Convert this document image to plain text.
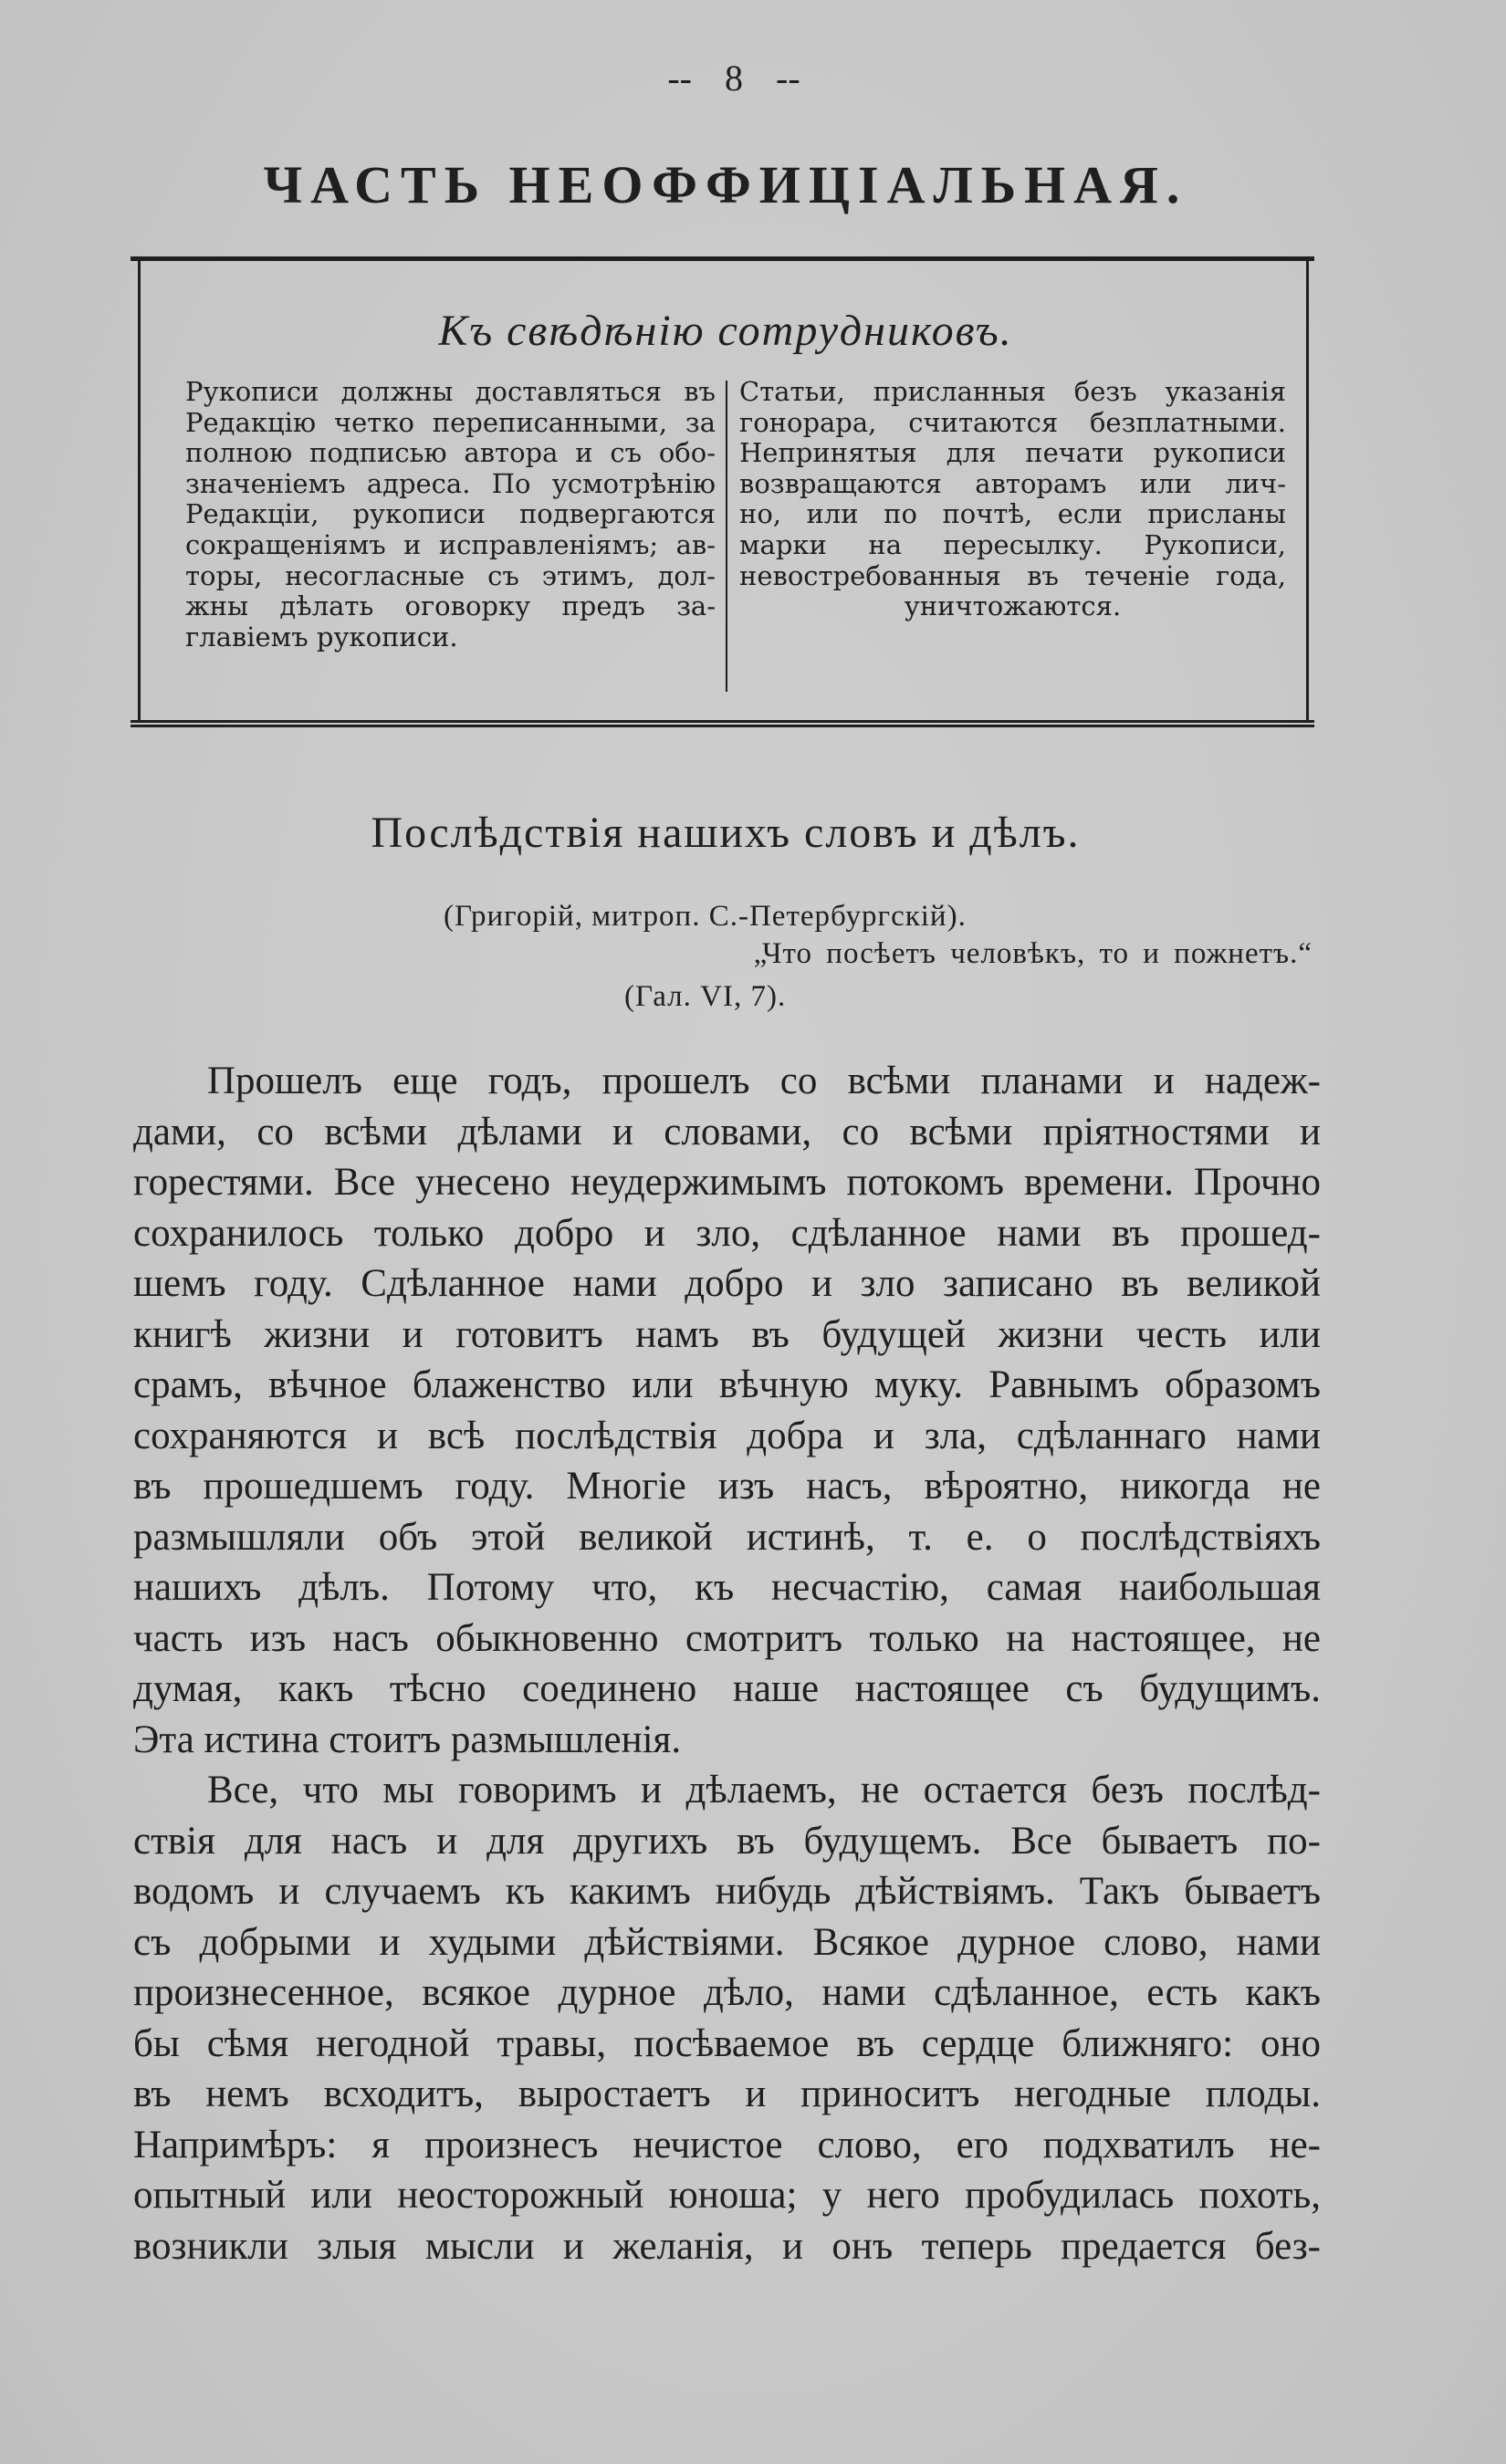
-- 8 --
ЧАСТЬ НЕОФФИЦІАЛЬНАЯ.
Къ свѣдѣнію сотрудниковъ.
Рукописи должны доставляться въ
Редакцію четко переписанными, за
полною подписью автора и съ обо-
значеніемъ адреса. По усмотрѣнію
Редакціи, рукописи подвергаются
сокращеніямъ и исправленіямъ; ав-
торы, несогласные съ этимъ, дол-
жны дѣлать оговорку предъ за-
главіемъ рукописи.
Статьи, присланныя безъ указанія
гонорара, считаются безплатными.
Непринятыя для печати рукописи
возвращаются авторамъ или лич-
но, или по почтѣ, если присланы
марки на пересылку. Рукописи,
невостребованныя въ теченіе года,
уничтожаются.
Послѣдствія нашихъ словъ и дѣлъ.
(Григорій, митроп. С.-Петербургскій).
„Что посѣетъ человѣкъ, то и пожнетъ.“
(Гал. VI, 7).
Прошелъ еще годъ, прошелъ со всѣми планами и надеж-
дами, со всѣми дѣлами и словами, со всѣми пріятностями и
горестями. Все унесено неудержимымъ потокомъ времени. Прочно
сохранилось только добро и зло, сдѣланное нами въ прошед-
шемъ году. Сдѣланное нами добро и зло записано въ великой
книгѣ жизни и готовитъ намъ въ будущей жизни честь или
срамъ, вѣчное блаженство или вѣчную муку. Равнымъ образомъ
сохраняются и всѣ послѣдствія добра и зла, сдѣланнаго нами
въ прошедшемъ году. Многіе изъ насъ, вѣроятно, никогда не
размышляли объ этой великой истинѣ, т. е. о послѣдствіяхъ
нашихъ дѣлъ. Потому что, къ несчастію, самая наибольшая
часть изъ насъ обыкновенно смотритъ только на настоящее, не
думая, какъ тѣсно соединено наше настоящее съ будущимъ.
Эта истина стоитъ размышленія.
Все, что мы говоримъ и дѣлаемъ, не остается безъ послѣд-
ствія для насъ и для другихъ въ будущемъ. Все бываетъ по-
водомъ и случаемъ къ какимъ нибудь дѣйствіямъ. Такъ бываетъ
съ добрыми и худыми дѣйствіями. Всякое дурное слово, нами
произнесенное, всякое дурное дѣло, нами сдѣланное, есть какъ
бы сѣмя негодной травы, посѣваемое въ сердце ближняго: оно
въ немъ всходитъ, выростаетъ и приноситъ негодные плоды.
Напримѣръ: я произнесъ нечистое слово, его подхватилъ не-
опытный или неосторожный юноша; у него пробудилась похоть,
возникли злыя мысли и желанія, и онъ теперь предается без-
